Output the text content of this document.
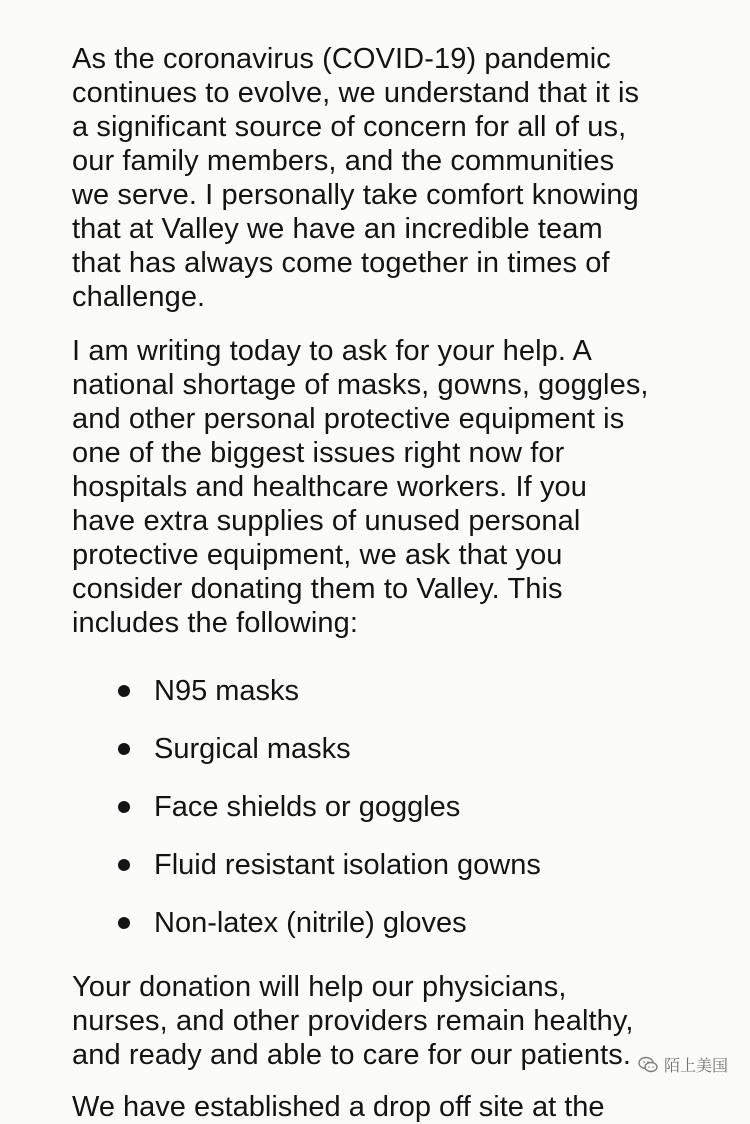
As the coronavirus (COVID-19) pandemic
continues to evolve, we understand that it is
a significant source of concern for all of us,
our family members, and the communities
we serve. I personally take comfort knowing
that at Valley we have an incredible team
that has always come together in times of
challenge.

I am writing today to ask for your help. A
national shortage of masks, gowns, goggles,
and other personal protective equipment is
one of the biggest issues right now for
hospitals and healthcare workers. If you
have extra supplies of unused personal
protective equipment, we ask that you
consider donating them to Valley. This
includes the following:

N95 masks
Surgical masks
Face shields or goggles
Fluid resistant isolation gowns
Non-latex (nitrile) gloves

Your donation will help our physicians,
nurses, and other providers remain healthy,
and ready and able to care for our patients.

We have established a drop off site at the
陌上美国
